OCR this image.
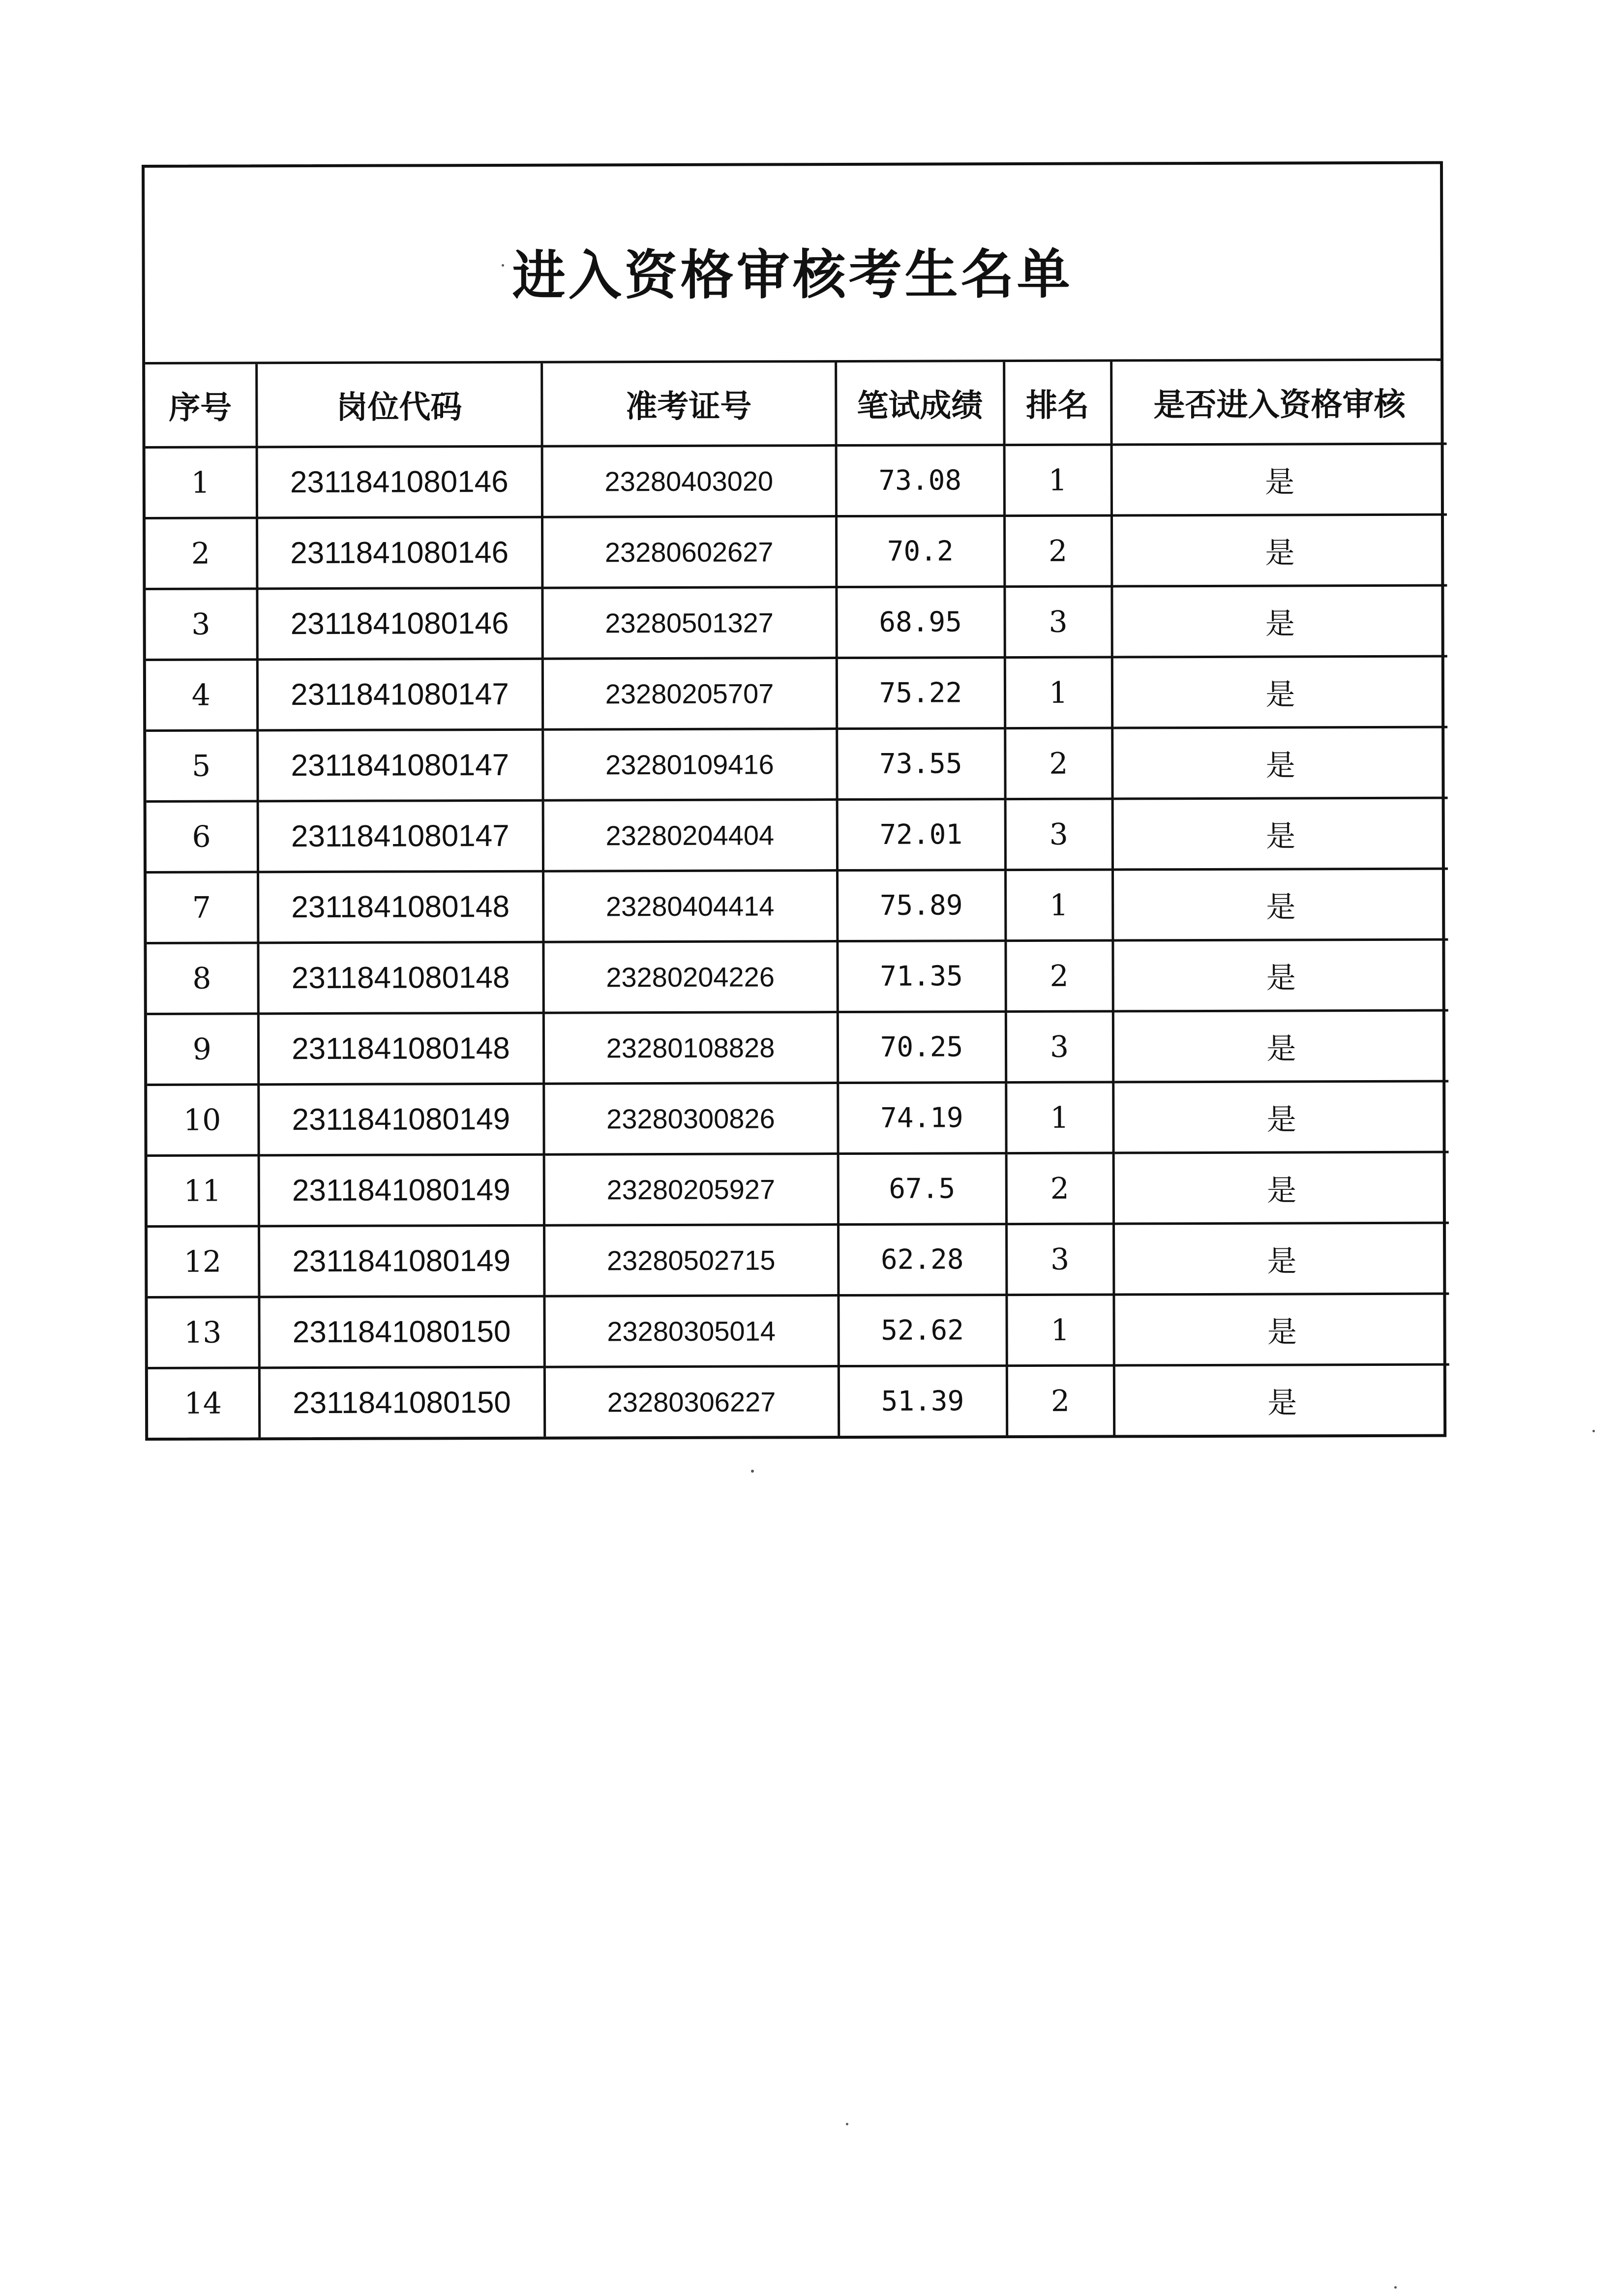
进入资格审核考生名单
序号	岗位代码	准考证号	笔试成绩	排名	是否进入资格审核
1	2311841080146	23280403020	73.08	1	是
2	2311841080146	23280602627	70.2	2	是
3	2311841080146	23280501327	68.95	3	是
4	2311841080147	23280205707	75.22	1	是
5	2311841080147	23280109416	73.55	2	是
6	2311841080147	23280204404	72.01	3	是
7	2311841080148	23280404414	75.89	1	是
8	2311841080148	23280204226	71.35	2	是
9	2311841080148	23280108828	70.25	3	是
10	2311841080149	23280300826	74.19	1	是
11	2311841080149	23280205927	67.5	2	是
12	2311841080149	23280502715	62.28	3	是
13	2311841080150	23280305014	52.62	1	是
14	2311841080150	23280306227	51.39	2	是
